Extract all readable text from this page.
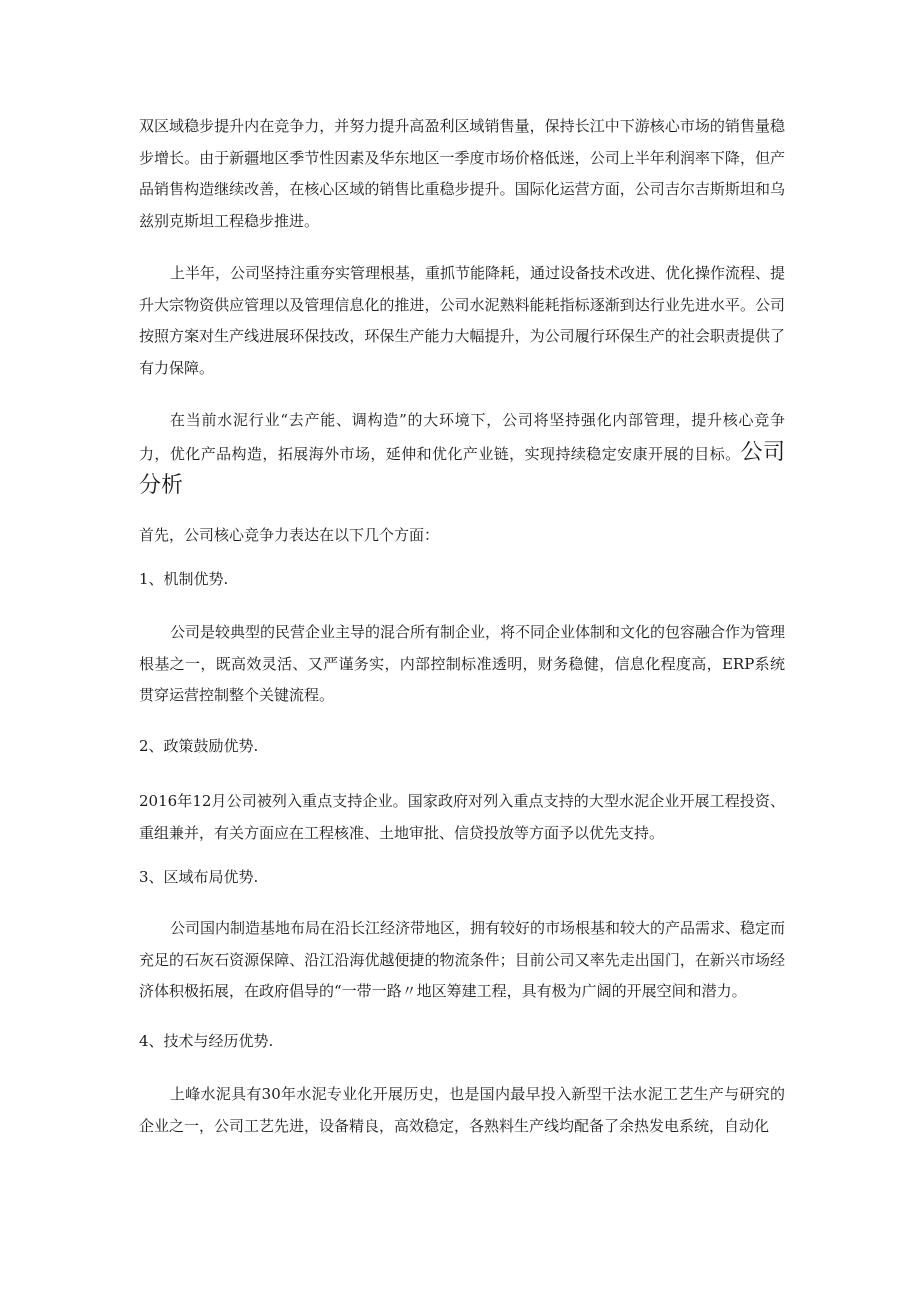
双区域稳步提升内在竞争力，并努力提升高盈利区域销售量，保持长江中下游核心市场的销售量稳步增长。由于新疆地区季节性因素及华东地区一季度市场价格低迷，公司上半年利润率下降，但产品销售构造继续改善，在核心区域的销售比重稳步提升。国际化运营方面，公司吉尔吉斯斯坦和乌兹别克斯坦工程稳步推进。

上半年，公司坚持注重夯实管理根基，重抓节能降耗，通过设备技术改进、优化操作流程、提升大宗物资供应管理以及管理信息化的推进，公司水泥熟料能耗指标逐渐到达行业先进水平。公司按照方案对生产线进展环保技改，环保生产能力大幅提升，为公司履行环保生产的社会职责提供了有力保障。

在当前水泥行业“去产能、调构造”的大环境下，公司将坚持强化内部管理，提升核心竞争力，优化产品构造，拓展海外市场，延伸和优化产业链，实现持续稳定安康开展的目标。公司分析

首先，公司核心竞争力表达在以下几个方面：

1、机制优势.

公司是较典型的民营企业主导的混合所有制企业，将不同企业体制和文化的包容融合作为管理根基之一，既高效灵活、又严谨务实，内部控制标准透明，财务稳健，信息化程度高，ERP系统贯穿运营控制整个关键流程。

2、政策鼓励优势.

2016年12月公司被列入重点支持企业。国家政府对列入重点支持的大型水泥企业开展工程投资、重组兼并，有关方面应在工程核准、土地审批、信贷投放等方面予以优先支持。

3、区域布局优势.

公司国内制造基地布局在沿长江经济带地区，拥有较好的市场根基和较大的产品需求、稳定而充足的石灰石资源保障、沿江沿海优越便捷的物流条件；目前公司又率先走出国门，在新兴市场经济体积极拓展，在政府倡导的“一带一路〃地区筹建工程，具有极为广阔的开展空间和潜力。

4、技术与经历优势.

上峰水泥具有30年水泥专业化开展历史，也是国内最早投入新型干法水泥工艺生产与研究的企业之一，公司工艺先进，设备精良，高效稳定，各熟料生产线均配备了余热发电系统，自动化
